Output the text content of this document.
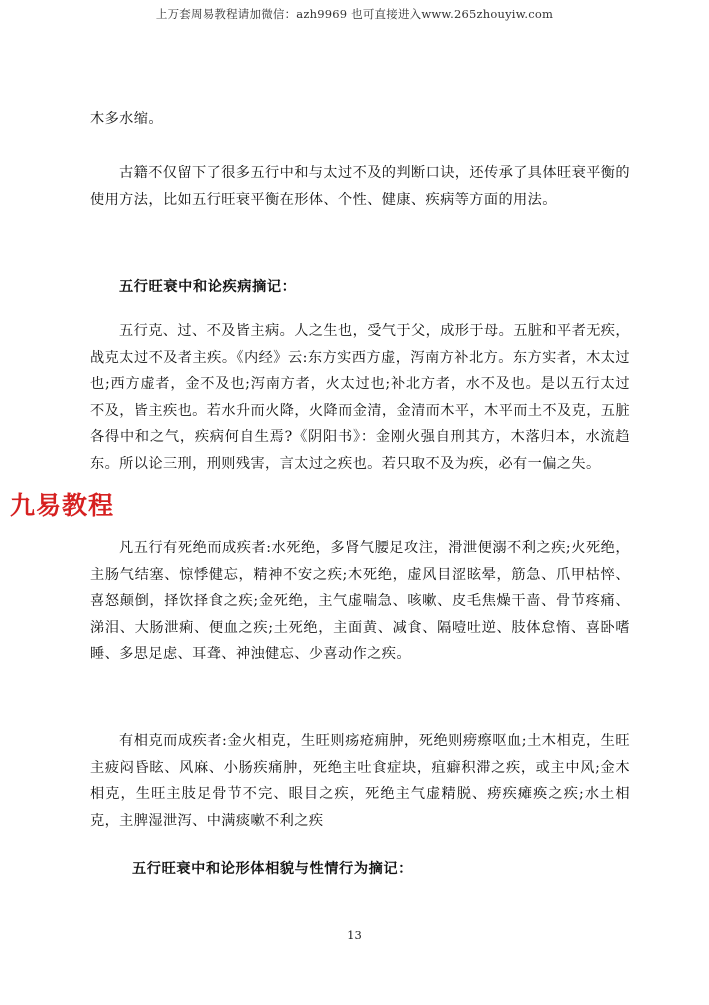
上万套周易教程请加微信：azh9969 也可直接进入www.265zhouyiw.com

木多水缩。

古籍不仅留下了很多五行中和与太过不及的判断口诀，还传承了具体旺衰平衡的使用方法，比如五行旺衰平衡在形体、个性、健康、疾病等方面的用法。

五行旺衰中和论疾病摘记：

五行克、过、不及皆主病。人之生也，受气于父，成形于母。五脏和平者无疾，战克太过不及者主疾。《内经》云:东方实西方虚，泻南方补北方。东方实者，木太过也;西方虚者，金不及也;泻南方者，火太过也;补北方者，水不及也。是以五行太过不及，皆主疾也。若水升而火降，火降而金清，金清而木平，木平而土不及克，五脏各得中和之气，疾病何自生焉?《阴阳书》：金刚火强自刑其方，木落归本，水流趋东。所以论三刑，刑则残害，言太过之疾也。若只取不及为疾，必有一偏之失。

凡五行有死绝而成疾者:水死绝，多肾气腰足攻注，滑泄便溺不利之疾;火死绝，主肠气结塞、惊悸健忘，精神不安之疾;木死绝，虚风目涩眩晕，筋急、爪甲枯悴、喜怒颠倒，择饮择食之疾;金死绝，主气虚喘急、咳嗽、皮毛焦燥干啬、骨节疼痛、涕泪、大肠泄痢、便血之疾;土死绝，主面黄、减食、隔噎吐逆、肢体怠惰、喜卧嗜睡、多思足虑、耳聋、神浊健忘、少喜动作之疾。

有相克而成疾者:金火相克，生旺则疡疮痈肿，死绝则痨瘵呕血;土木相克，生旺主疲闷昏眩、风麻、小肠疾痛肿，死绝主吐食症块，疽癖积滞之疾，或主中风;金木相克，生旺主肢足骨节不完、眼目之疾，死绝主气虚精脱、痨疾瘫痪之疾;水土相克，主脾湿泄泻、中满痰嗽不利之疾

五行旺衰中和论形体相貌与性情行为摘记：
九易教程
13
